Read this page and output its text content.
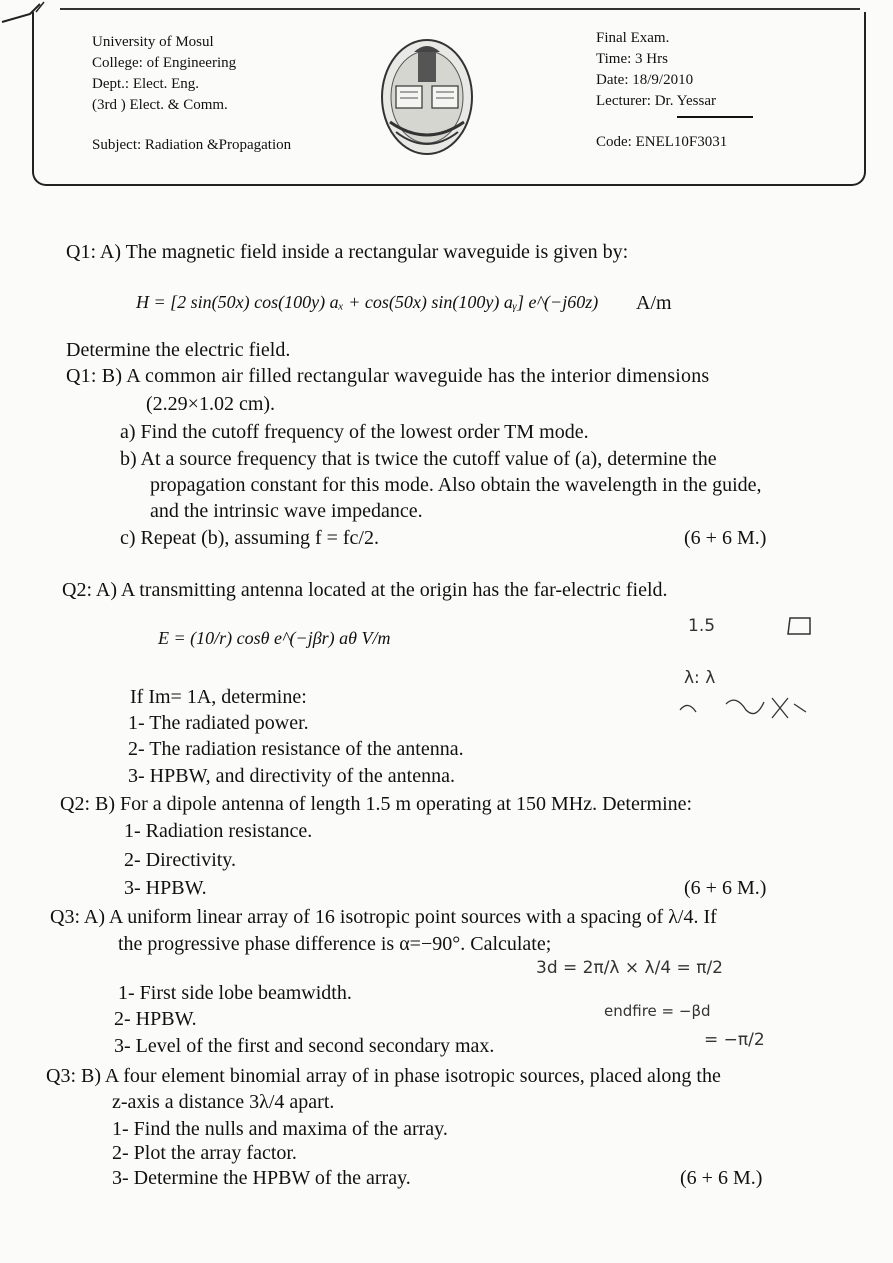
University of Mosul
College: of Engineering
Dept.: Elect. Eng.
(3rd ) Elect. & Comm.
Final Exam.
Time: 3 Hrs
Date: 18/9/2010
Lecturer: Dr. Yessar
Subject: Radiation &Propagation	Code: ENEL10F3031
Q1: A) The magnetic field inside a rectangular waveguide is given by:
H = [2 sin(50x) cos(100y) aₓ + cos(50x) sin(100y) aᵧ] e^(−j60z) A/m
Determine the electric field.
Q1: B) A common air filled rectangular waveguide has the interior dimensions
(2.29×1.02 cm).
a) Find the cutoff frequency of the lowest order TM mode.
b) At a source frequency that is twice the cutoff value of (a), determine the
propagation constant for this mode. Also obtain the wavelength in the guide,
and the intrinsic wave impedance.
c) Repeat (b), assuming f = fc/2.	(6 + 6 M.)
Q2: A) A transmitting antenna located at the origin has the far-electric field.
E = (10/r) cosθ e^(−jβr) aθ V/m
If Im= 1A, determine:
1- The radiated power.
2- The radiation resistance of the antenna.
3- HPBW, and directivity of the antenna.
Q2: B) For a dipole antenna of length 1.5 m operating at 150 MHz. Determine:
1- Radiation resistance.
2- Directivity.
3- HPBW.	(6 + 6 M.)
Q3: A) A uniform linear array of 16 isotropic point sources with a spacing of λ/4. If
the progressive phase difference is α=−90°. Calculate;
1- First side lobe beamwidth.
2- HPBW.
3- Level of the first and second secondary max.
Q3: B) A four element binomial array of in phase isotropic sources, placed along the
z-axis a distance 3λ/4 apart.
1- Find the nulls and maxima of the array.
2- Plot the array factor.
3- Determine the HPBW of the array.	(6 + 6 M.)
1.5
λ: λ
3d = 2π/λ × λ/4 = π/2
endfire = −βd
= −π/2
